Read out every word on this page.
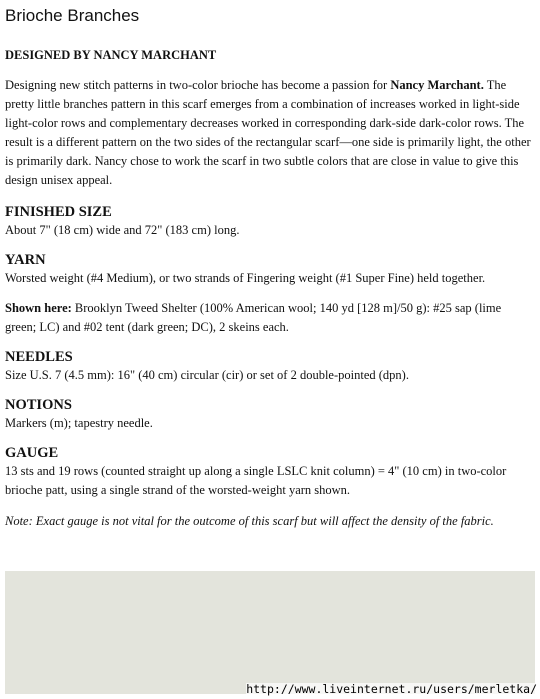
Brioche Branches
DESIGNED BY NANCY MARCHANT

Designing new stitch patterns in two-color brioche has become a passion for Nancy Marchant. The pretty little branches pattern in this scarf emerges from a combination of increases worked in light-side light-color rows and complementary decreases worked in corresponding dark-side dark-color rows. The result is a different pattern on the two sides of the rectangular scarf—one side is primarily light, the other is primarily dark. Nancy chose to work the scarf in two subtle colors that are close in value to give this design unisex appeal.

FINISHED SIZE

About 7" (18 cm) wide and 72" (183 cm) long.

YARN

Worsted weight (#4 Medium), or two strands of Fingering weight (#1 Super Fine) held together.

Shown here: Brooklyn Tweed Shelter (100% American wool; 140 yd [128 m]/50 g): #25 sap (lime green; LC) and #02 tent (dark green; DC), 2 skeins each.

NEEDLES

Size U.S. 7 (4.5 mm): 16" (40 cm) circular (cir) or set of 2 double-pointed (dpn).

NOTIONS

Markers (m); tapestry needle.

GAUGE

13 sts and 19 rows (counted straight up along a single LSLC knit column) = 4" (10 cm) in two-color brioche patt, using a single strand of the worsted-weight yarn shown.

Note: Exact gauge is not vital for the outcome of this scarf but will affect the density of the fabric.

http://www.liveinternet.ru/users/merletka/
